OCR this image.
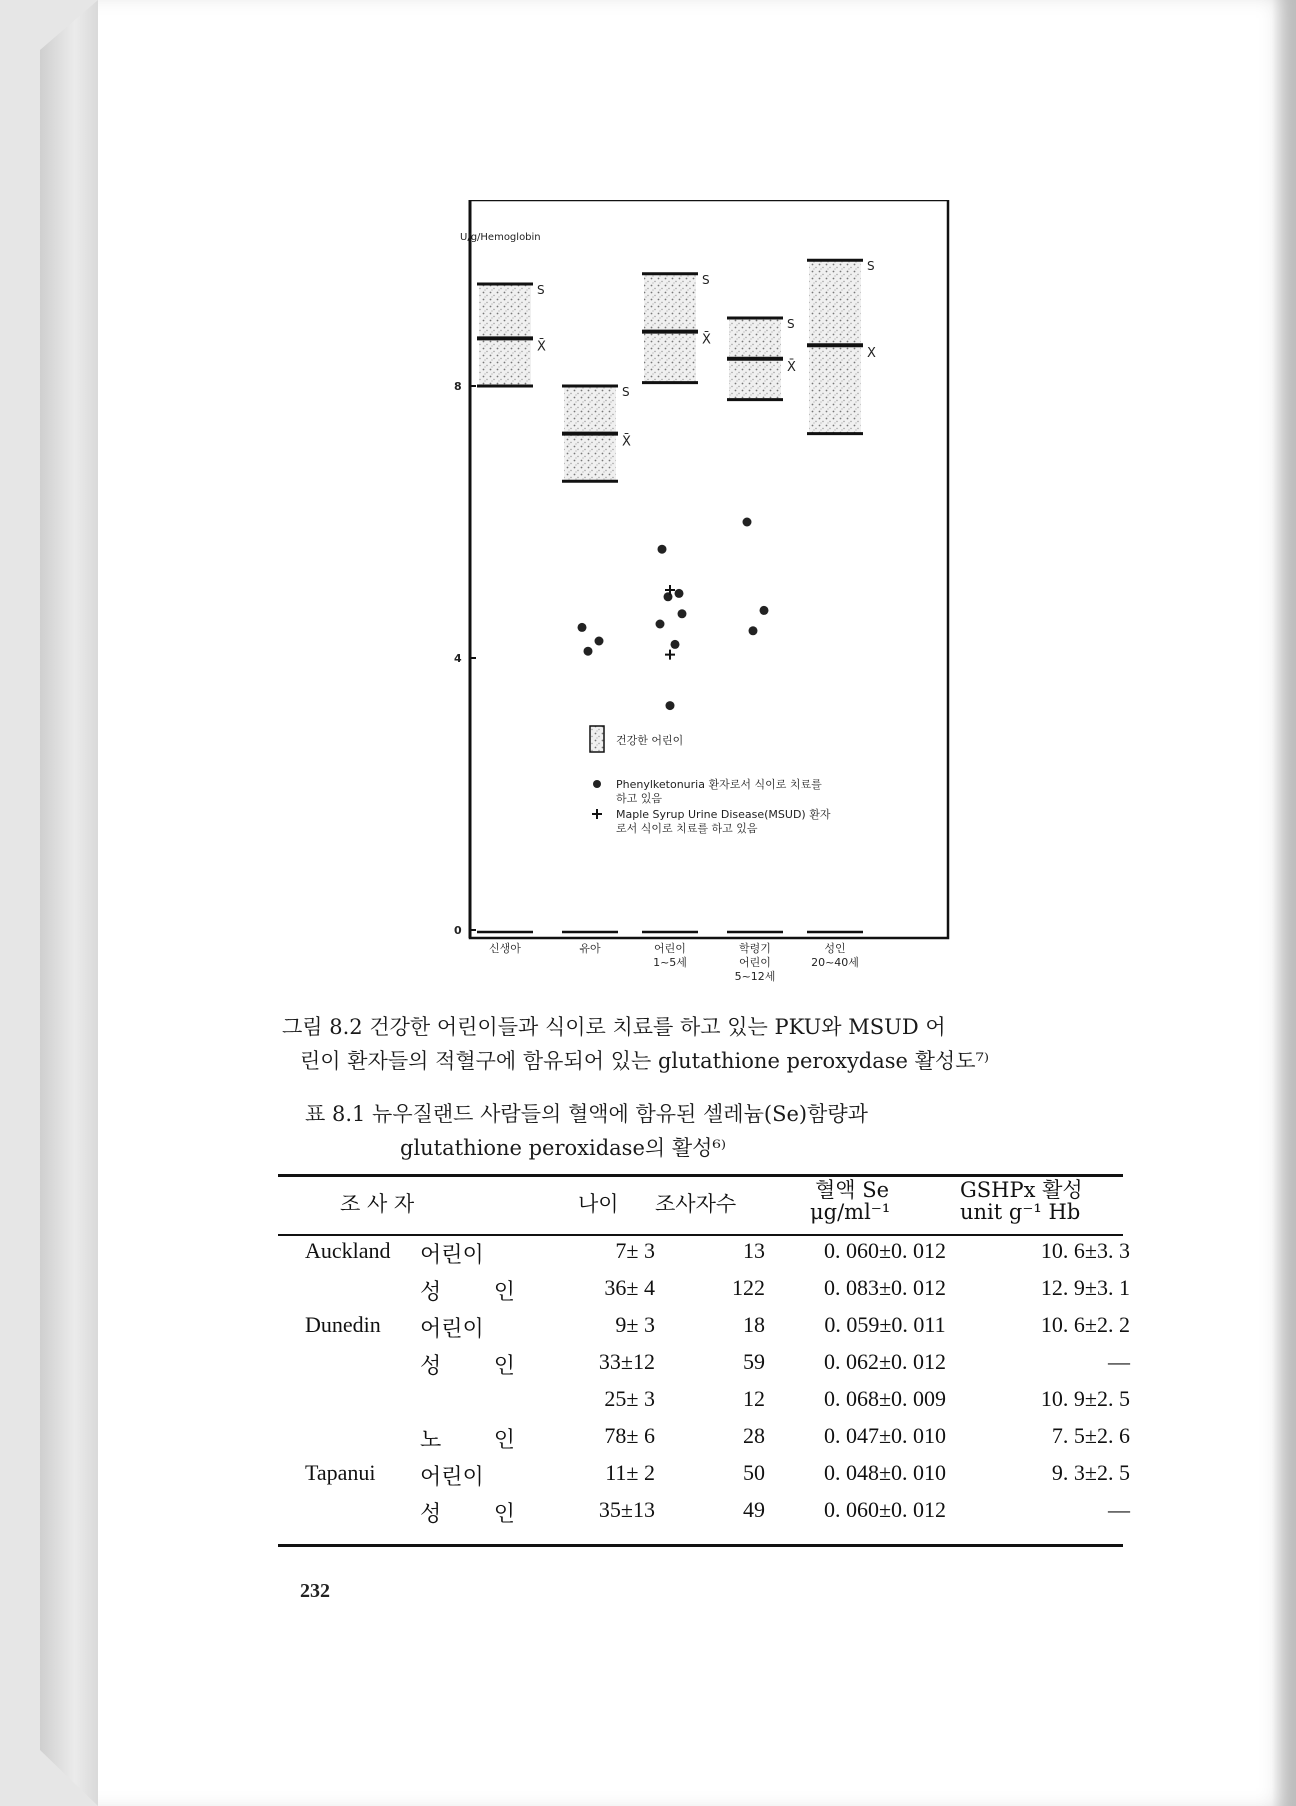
U/g/Hemoglobin
0
4
8
S
X̄
S
X̄
S
X̄
S
X̄
S
X
신생아	유아	어린이
1~5세
학령기
어린이
5~12세
성인
20~40세
건강한 어린이
Phenylketonuria 환자로서 식이로 치료를
하고 있음
Maple Syrup Urine Disease(MSUD) 환자
로서 식이로 치료를 하고 있음
그림 8.2 건강한 어린이들과 식이로 치료를 하고 있는 PKU와 MSUD 어
린이 환자들의 적혈구에 함유되어 있는 glutathione peroxydase 활성도⁷⁾
표 8.1 뉴우질랜드 사람들의 혈액에 함유된 셀레늄(Se)함량과
glutathione peroxidase의 활성⁶⁾
조 사 자	나이 조사자수
혈액 Se
μg/ml⁻¹
GSHPx 활성
unit g⁻¹ Hb
Auckland 어린이	7± 3	13	0. 060±0. 012	10. 6±3. 3
성 인	36± 4	122	0. 083±0. 012	12. 9±3. 1
Dunedin 어린이	9± 3	18	0. 059±0. 011	10. 6±2. 2
성 인	33±12	59	0. 062±0. 012	—
25± 3	12	0. 068±0. 009	10. 9±2. 5
노 인	78± 6	28	0. 047±0. 010	7. 5±2. 6
Tapanui 어린이	11± 2	50	0. 048±0. 010	9. 3±2. 5
성 인	35±13	49	0. 060±0. 012	—
232
